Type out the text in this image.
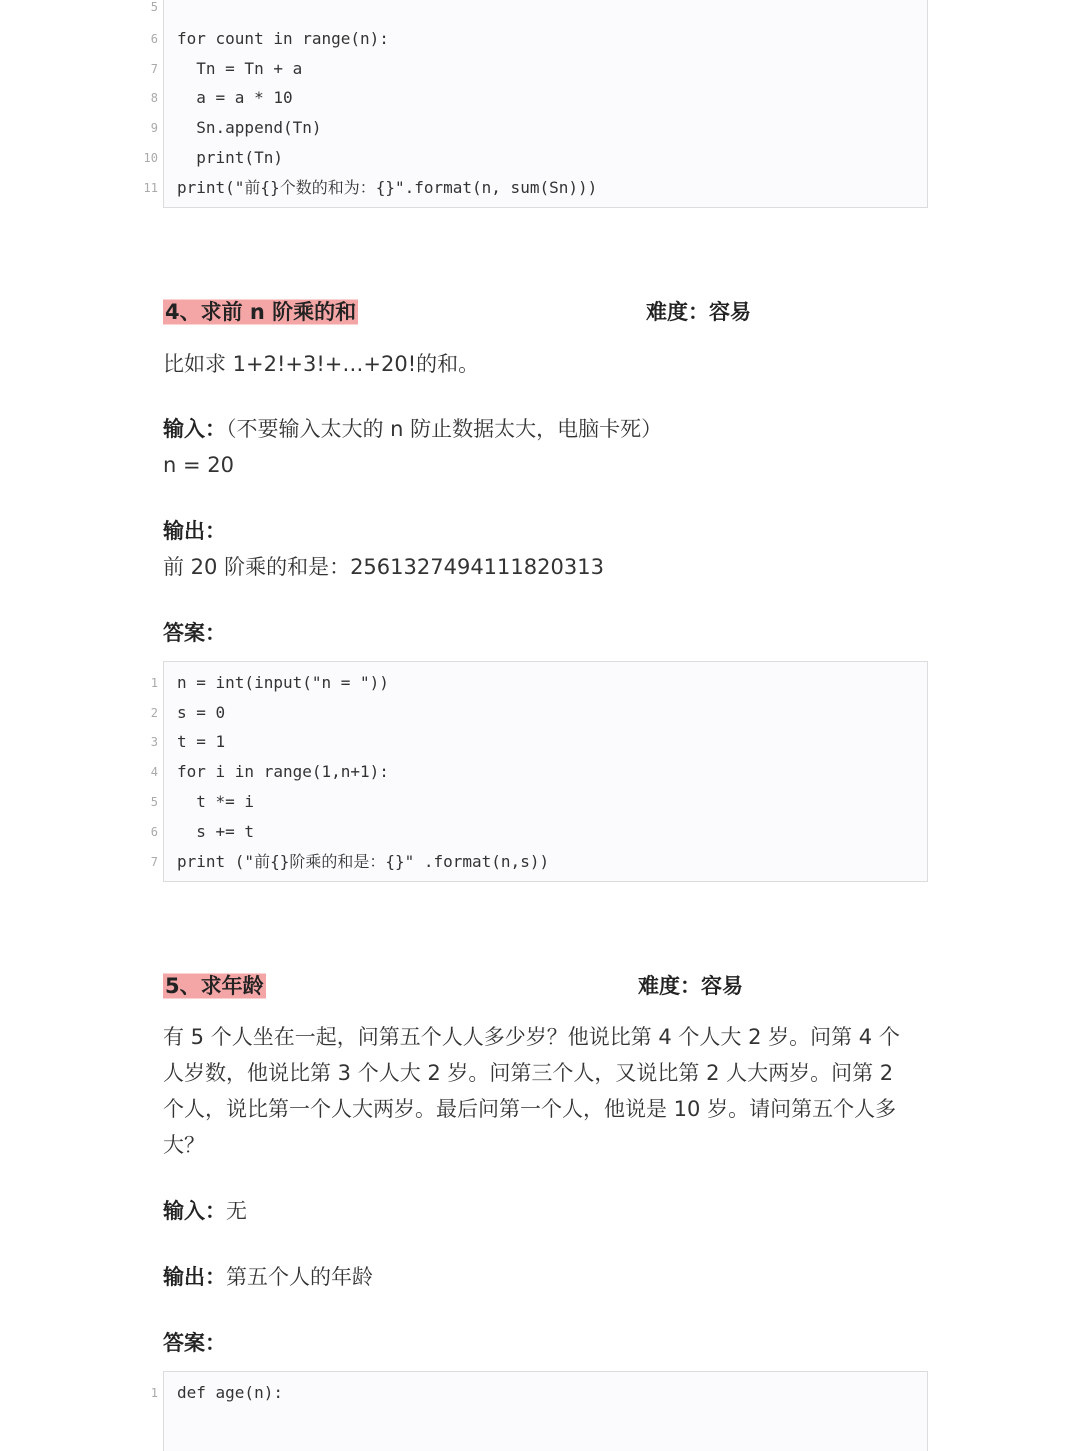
5
6 for count in range(n):
7 Tn = Tn + a
8 a = a * 10
9 Sn.append(Tn)
10 print(Tn)
11 print("前{}个数的和为：{}".format(n, sum(Sn)))
4、求前 n 阶乘的和	难度：容易
比如求 1+2!+3!+…+20!的和。
输入：（不要输入太大的 n 防止数据太大，电脑卡死）
n = 20
输出：
前 20 阶乘的和是：2561327494111820313
答案：
1 n = int(input("n = "))
2 s = 0
3 t = 1
4 for i in range(1,n+1):
5 t *= i
6 s += t
7 print ("前{}阶乘的和是：{}" .format(n,s))
5、求年龄	难度：容易
有 5 个人坐在一起，问第五个人人多少岁？他说比第 4 个人大 2 岁。问第 4 个
人岁数，他说比第 3 个人大 2 岁。问第三个人，又说比第 2 人大两岁。问第 2
个人，说比第一个人大两岁。最后问第一个人，他说是 10 岁。请问第五个人多
大？
输入：无
输出：第五个人的年龄
答案：
1 def age(n):
